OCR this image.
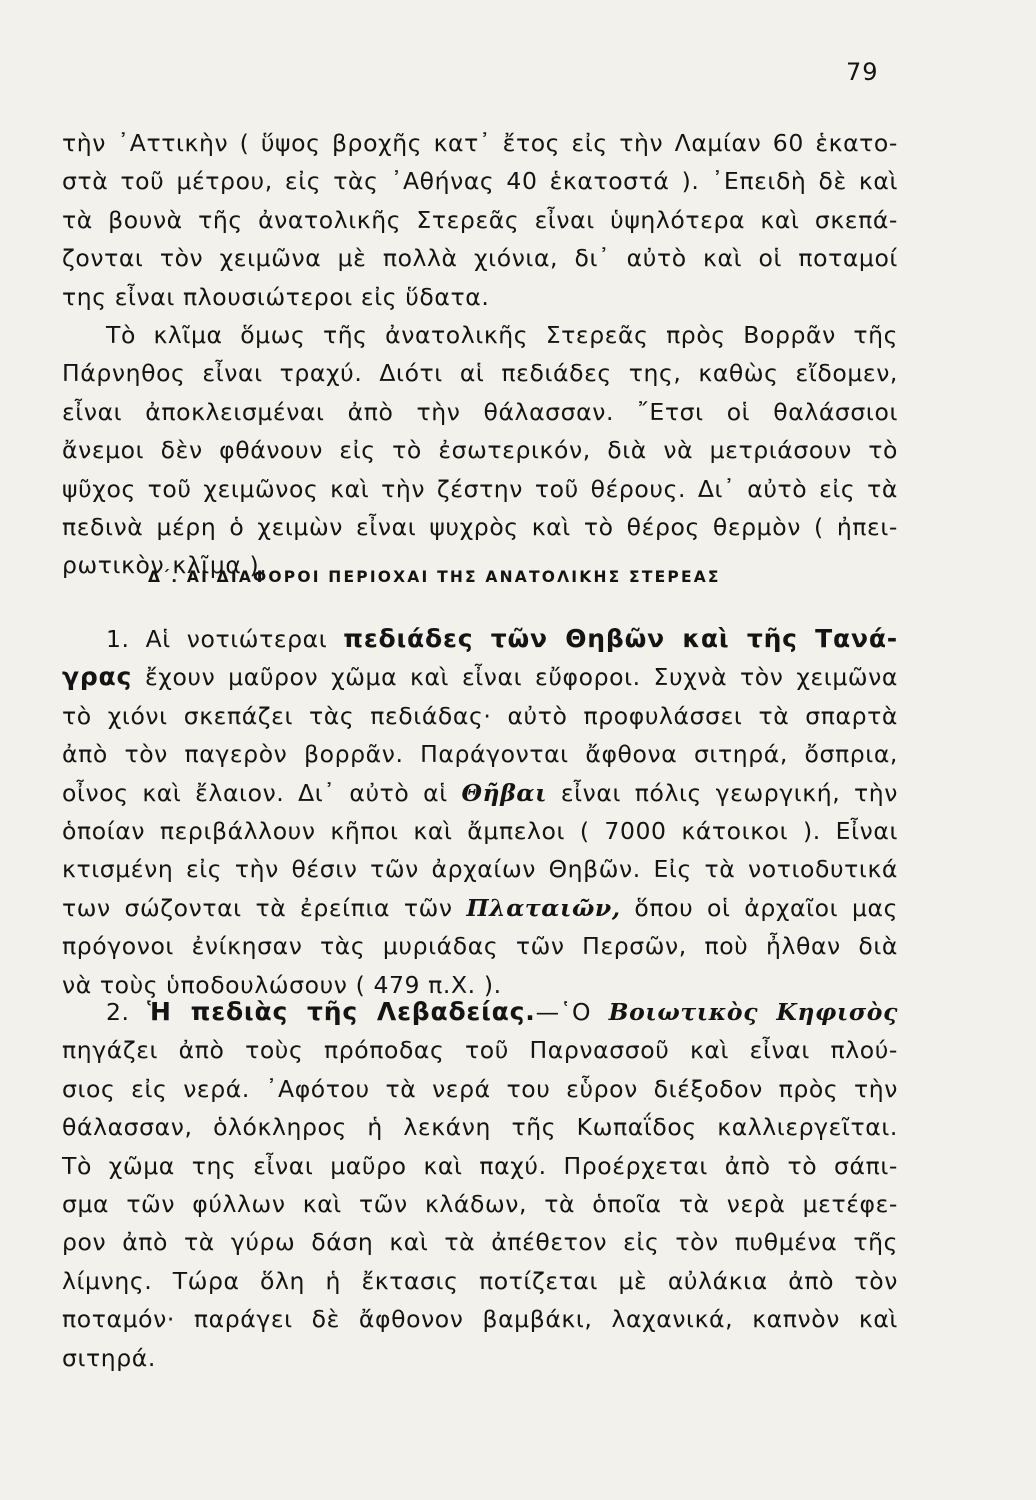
79
τὴν ᾿Αττικὴν ( ὕψος βροχῆς κατ᾿ ἔτος εἰς τὴν Λαμίαν 60 ἑκατο-
στὰ τοῦ μέτρου, εἰς τὰς ᾿Αθήνας 40 ἑκατοστά ). ᾿Επειδὴ δὲ καὶ
τὰ βουνὰ τῆς ἀνατολικῆς Στερεᾶς εἶναι ὑψηλότερα καὶ σκεπά-
ζονται τὸν χειμῶνα μὲ πολλὰ χιόνια, δι᾿ αὐτὸ καὶ οἱ ποταμοί
της εἶναι πλουσιώτεροι εἰς ὕδατα.
Τὸ κλῖμα ὅμως τῆς ἀνατολικῆς Στερεᾶς πρὸς Βορρᾶν τῆς
Πάρνηθος εἶναι τραχύ. Διότι αἱ πεδιάδες της, καθὼς εἴδομεν,
εἶναι ἀποκλεισμέναι ἀπὸ τὴν θάλασσαν. ῎Ετσι οἱ θαλάσσιοι
ἄνεμοι δὲν φθάνουν εἰς τὸ ἐσωτερικόν, διὰ νὰ μετριάσουν τὸ
ψῦχος τοῦ χειμῶνος καὶ τὴν ζέστην τοῦ θέρους. Δι᾿ αὐτὸ εἰς τὰ
πεδινὰ μέρη ὁ χειμὼν εἶναι ψυχρὸς καὶ τὸ θέρος θερμὸν ( ἠπει-
ρωτικὸν κλῖμα ).
Δ΄. ΑΙ ΔΙΑΦΟΡΟΙ ΠΕΡΙΟΧΑΙ ΤΗΣ ΑΝΑΤΟΛΙΚΗΣ ΣΤΕΡΕΑΣ
1. Αἱ νοτιώτεραι πεδιάδες τῶν Θηβῶν καὶ τῆς Τανά-
γρας ἔχουν μαῦρον χῶμα καὶ εἶναι εὔφοροι. Συχνὰ τὸν χειμῶνα
τὸ χιόνι σκεπάζει τὰς πεδιάδας· αὐτὸ προφυλάσσει τὰ σπαρτὰ
ἀπὸ τὸν παγερὸν βορρᾶν. Παράγονται ἄφθονα σιτηρά, ὄσπρια,
οἶνος καὶ ἔλαιον. Δι᾿ αὐτὸ αἱ Θῆβαι εἶναι πόλις γεωργική, τὴν
ὁποίαν περιβάλλουν κῆποι καὶ ἄμπελοι ( 7000 κάτοικοι ). Εἶναι
κτισμένη εἰς τὴν θέσιν τῶν ἀρχαίων Θηβῶν. Εἰς τὰ νοτιοδυτικά
των σώζονται τὰ ἐρείπια τῶν Πλαταιῶν, ὅπου οἱ ἀρχαῖοι μας
πρόγονοι ἐνίκησαν τὰς μυριάδας τῶν Περσῶν, ποὺ ἦλθαν διὰ
νὰ τοὺς ὑποδουλώσουν ( 479 π.Χ. ).
2. Ἡ πεδιὰς τῆς Λεβαδείας.—῾Ο Βοιωτικὸς Κηφισὸς
πηγάζει ἀπὸ τοὺς πρόποδας τοῦ Παρνασσοῦ καὶ εἶναι πλού-
σιος εἰς νερά. ᾿Αφότου τὰ νερά του εὗρον διέξοδον πρὸς τὴν
θάλασσαν, ὁλόκληρος ἡ λεκάνη τῆς Κωπαΐδος καλλιεργεῖται.
Τὸ χῶμα της εἶναι μαῦρο καὶ παχύ. Προέρχεται ἀπὸ τὸ σάπι-
σμα τῶν φύλλων καὶ τῶν κλάδων, τὰ ὁποῖα τὰ νερὰ μετέφε-
ρον ἀπὸ τὰ γύρω δάση καὶ τὰ ἀπέθετον εἰς τὸν πυθμένα τῆς
λίμνης. Τώρα ὅλη ἡ ἔκτασις ποτίζεται μὲ αὐλάκια ἀπὸ τὸν
ποταμόν· παράγει δὲ ἄφθονον βαμβάκι, λαχανικά, καπνὸν καὶ
σιτηρά.
